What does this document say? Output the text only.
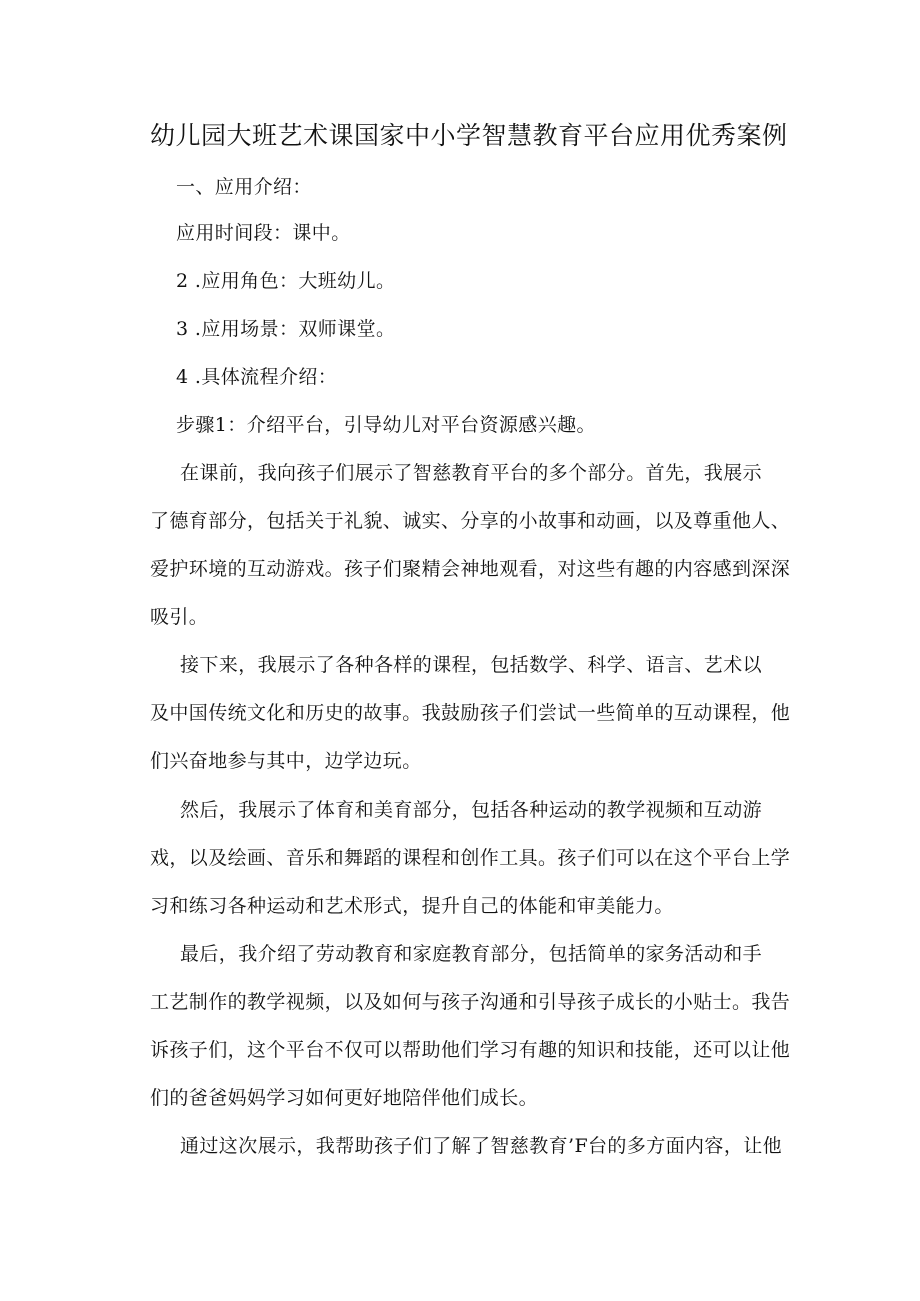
幼儿园大班艺术课国家中小学智慧教育平台应用优秀案例
一、应用介绍：
应用时间段：课中。
2 .应用角色：大班幼儿。
3 .应用场景：双师课堂。
4 .具体流程介绍：
步骤1：介绍平台，引导幼儿对平台资源感兴趣。
在课前，我向孩子们展示了智慈教育平台的多个部分。首先，我展示
了德育部分，包括关于礼貌、诚实、分享的小故事和动画，以及尊重他人、
爱护环境的互动游戏。孩子们聚精会神地观看，对这些有趣的内容感到深深
吸引。
接下来，我展示了各种各样的课程，包括数学、科学、语言、艺术以
及中国传统文化和历史的故事。我鼓励孩子们尝试一些简单的互动课程，他
们兴奋地参与其中，边学边玩。
然后，我展示了体育和美育部分，包括各种运动的教学视频和互动游
戏，以及绘画、音乐和舞蹈的课程和创作工具。孩子们可以在这个平台上学
习和练习各种运动和艺术形式，提升自己的体能和审美能力。
最后，我介绍了劳动教育和家庭教育部分，包括简单的家务活动和手
工艺制作的教学视频，以及如何与孩子沟通和引导孩子成长的小贴士。我告
诉孩子们，这个平台不仅可以帮助他们学习有趣的知识和技能，还可以让他
们的爸爸妈妈学习如何更好地陪伴他们成长。
通过这次展示，我帮助孩子们了解了智慈教育’F台的多方面内容，让他
